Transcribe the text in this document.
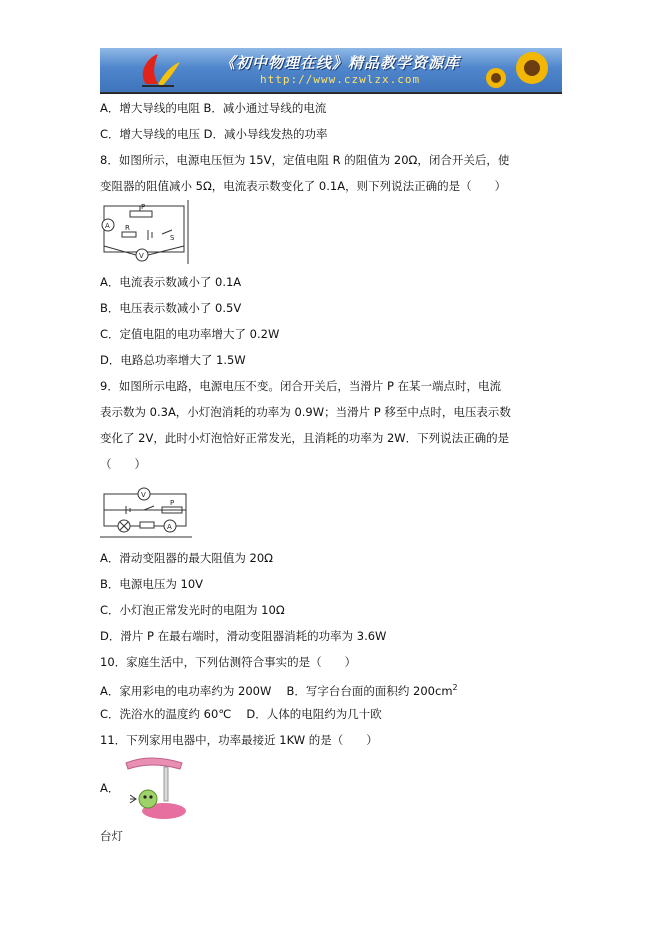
《初中物理在线》精品教学资源库
http://www.czwlzx.com
A．增大导线的电阻 B．减小通过导线的电流
C．增大导线的电压 D．减小导线发热的功率
8．如图所示，电源电压恒为 15V，定值电阻 R 的阻值为 20Ω，闭合开关后，使
变阻器的阻值减小 5Ω，电流表示数变化了 0.1A，则下列说法正确的是（　　）
P
A R
S
V
A．电流表示数减小了 0.1A
B．电压表示数减小了 0.5V
C．定值电阻的电功率增大了 0.2W
D．电路总功率增大了 1.5W
9．如图所示电路，电源电压不变。闭合开关后，当滑片 P 在某一端点时，电流
表示数为 0.3A，小灯泡消耗的功率为 0.9W；当滑片 P 移至中点时，电压表示数
变化了 2V，此时小灯泡恰好正常发光，且消耗的功率为 2W．下列说法正确的是
（　　）
V
P
A
A．滑动变阻器的最大阻值为 20Ω
B．电源电压为 10V
C．小灯泡正常发光时的电阻为 10Ω
D．滑片 P 在最右端时，滑动变阻器消耗的功率为 3.6W
10．家庭生活中，下列估测符合事实的是（　　）
A．家用彩电的电功率约为 200W　 B．写字台台面的面积约 $200cm^2$
C．洗浴水的温度约 60℃　 D．人体的电阻约为几十欧
11．下列家用电器中，功率最接近 1KW 的是（　　）
A．
台灯
